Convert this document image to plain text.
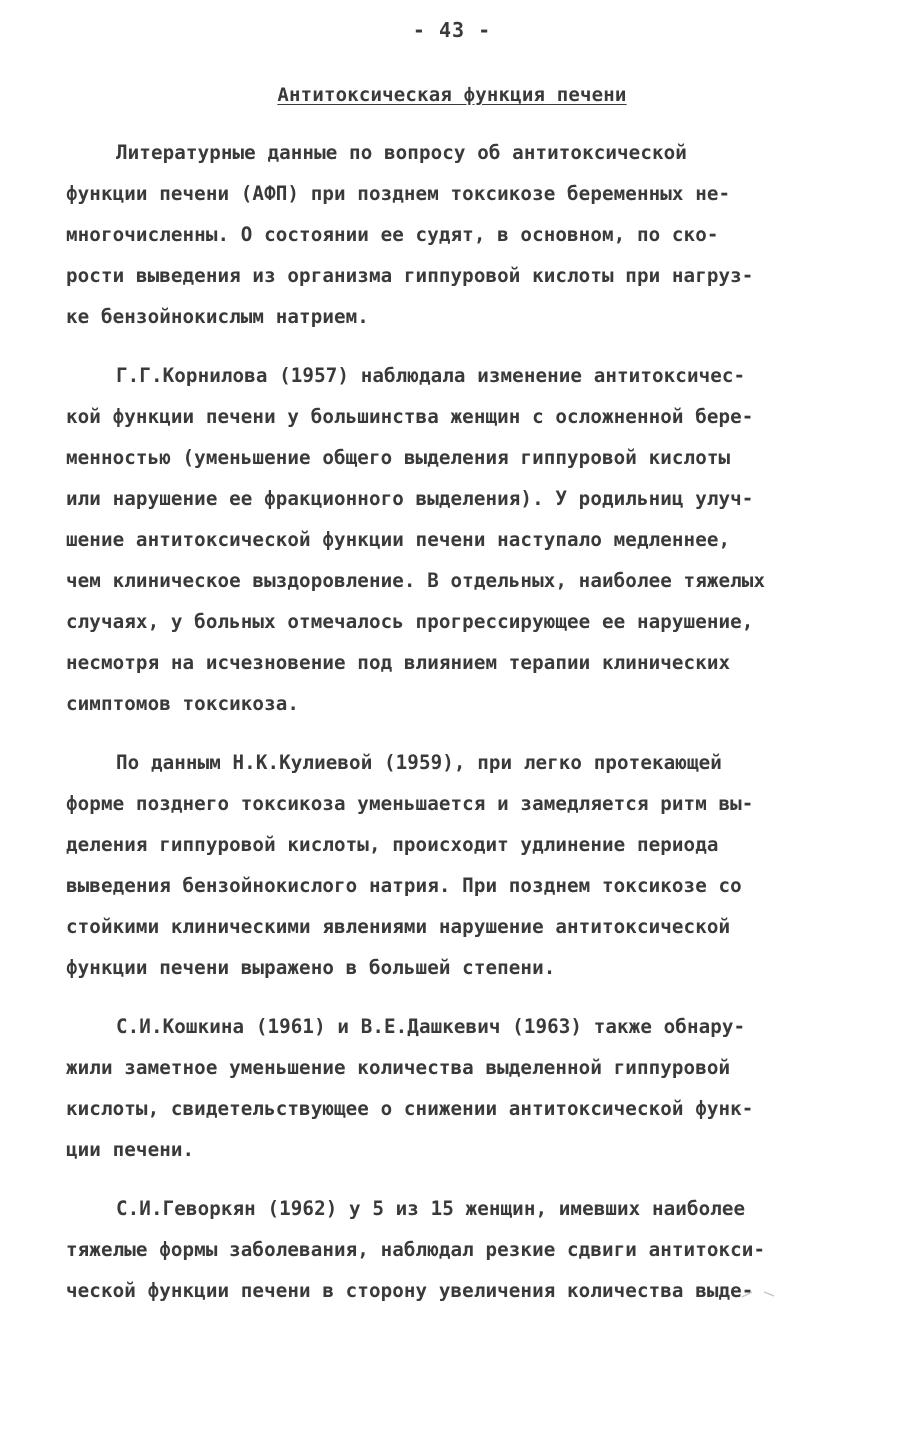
- 43 -
Антитоксическая функция печени
Литературные данные по вопросу об антитоксической
функции печени (АФП) при позднем токсикозе беременных не-
многочисленны. О состоянии ее судят, в основном, по ско-
рости выведения из организма гиппуровой кислоты при нагруз-
ке бензойнокислым натрием.
Г.Г.Корнилова (1957) наблюдала изменение антитоксичес-
кой функции печени у большинства женщин с осложненной бере-
менностью (уменьшение общего выделения гиппуровой кислоты
или нарушение ее фракционного выделения). У родильниц улуч-
шение антитоксической функции печени наступало медленнее,
чем клиническое выздоровление. В отдельных, наиболее тяжелых
случаях, у больных отмечалось прогрессирующее ее нарушение,
несмотря на исчезновение под влиянием терапии клинических
симптомов токсикоза.
По данным Н.К.Кулиевой (1959), при легко протекающей
форме позднего токсикоза уменьшается и замедляется ритм вы-
деления гиппуровой кислоты, происходит удлинение периода
выведения бензойнокислого натрия. При позднем токсикозе со
стойкими клиническими явлениями нарушение антитоксической
функции печени выражено в большей степени.
С.И.Кошкина (1961) и В.Е.Дашкевич (1963) также обнару-
жили заметное уменьшение количества выделенной гиппуровой
кислоты, свидетельствующее о снижении антитоксической функ-
ции печени.
С.И.Геворкян (1962) у 5 из 15 женщин, имевших наиболее
тяжелые формы заболевания, наблюдал резкие сдвиги антитокси-
ческой функции печени в сторону увеличения количества выде-
